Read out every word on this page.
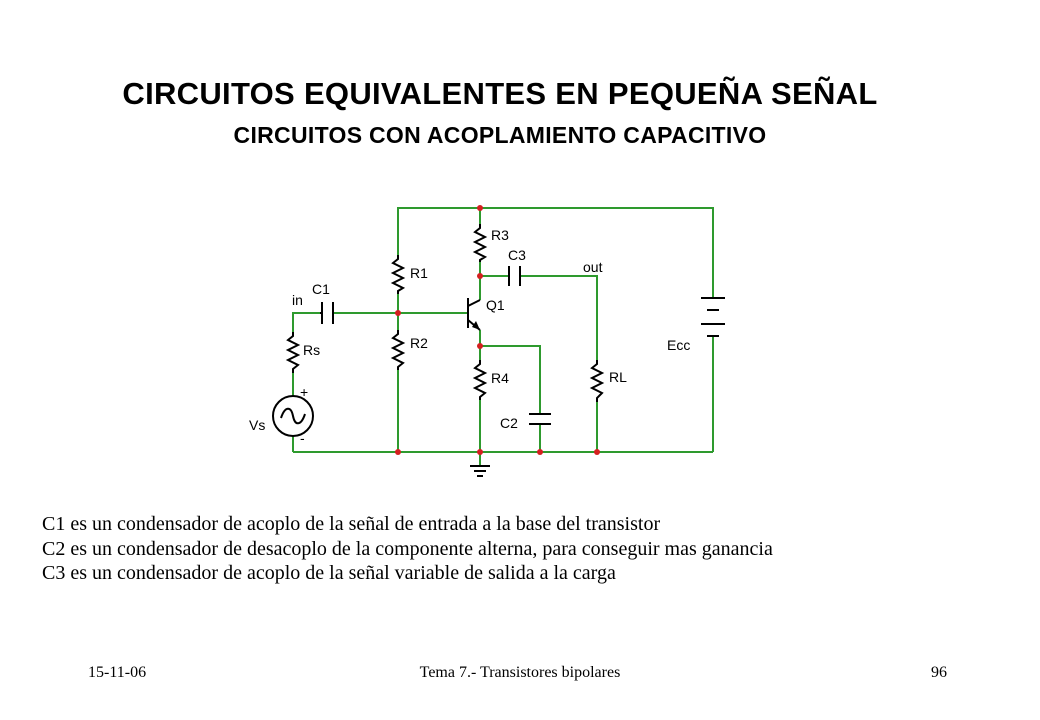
CIRCUITOS EQUIVALENTES EN PEQUEÑA SEÑAL
CIRCUITOS CON ACOPLAMIENTO CAPACITIVO
in
C1
Rs
Vs
+
-
R1
R2
R3
C3
out
Q1
R4
C2
RL
Ecc

C1 es un condensador de acoplo de la señal de entrada a la base del transistor

C2 es un condensador de desacoplo de la componente alterna, para conseguir mas ganancia

C3 es un condensador de acoplo de la señal variable de salida a la carga

15-11-06	Tema 7.- Transistores bipolares	96
